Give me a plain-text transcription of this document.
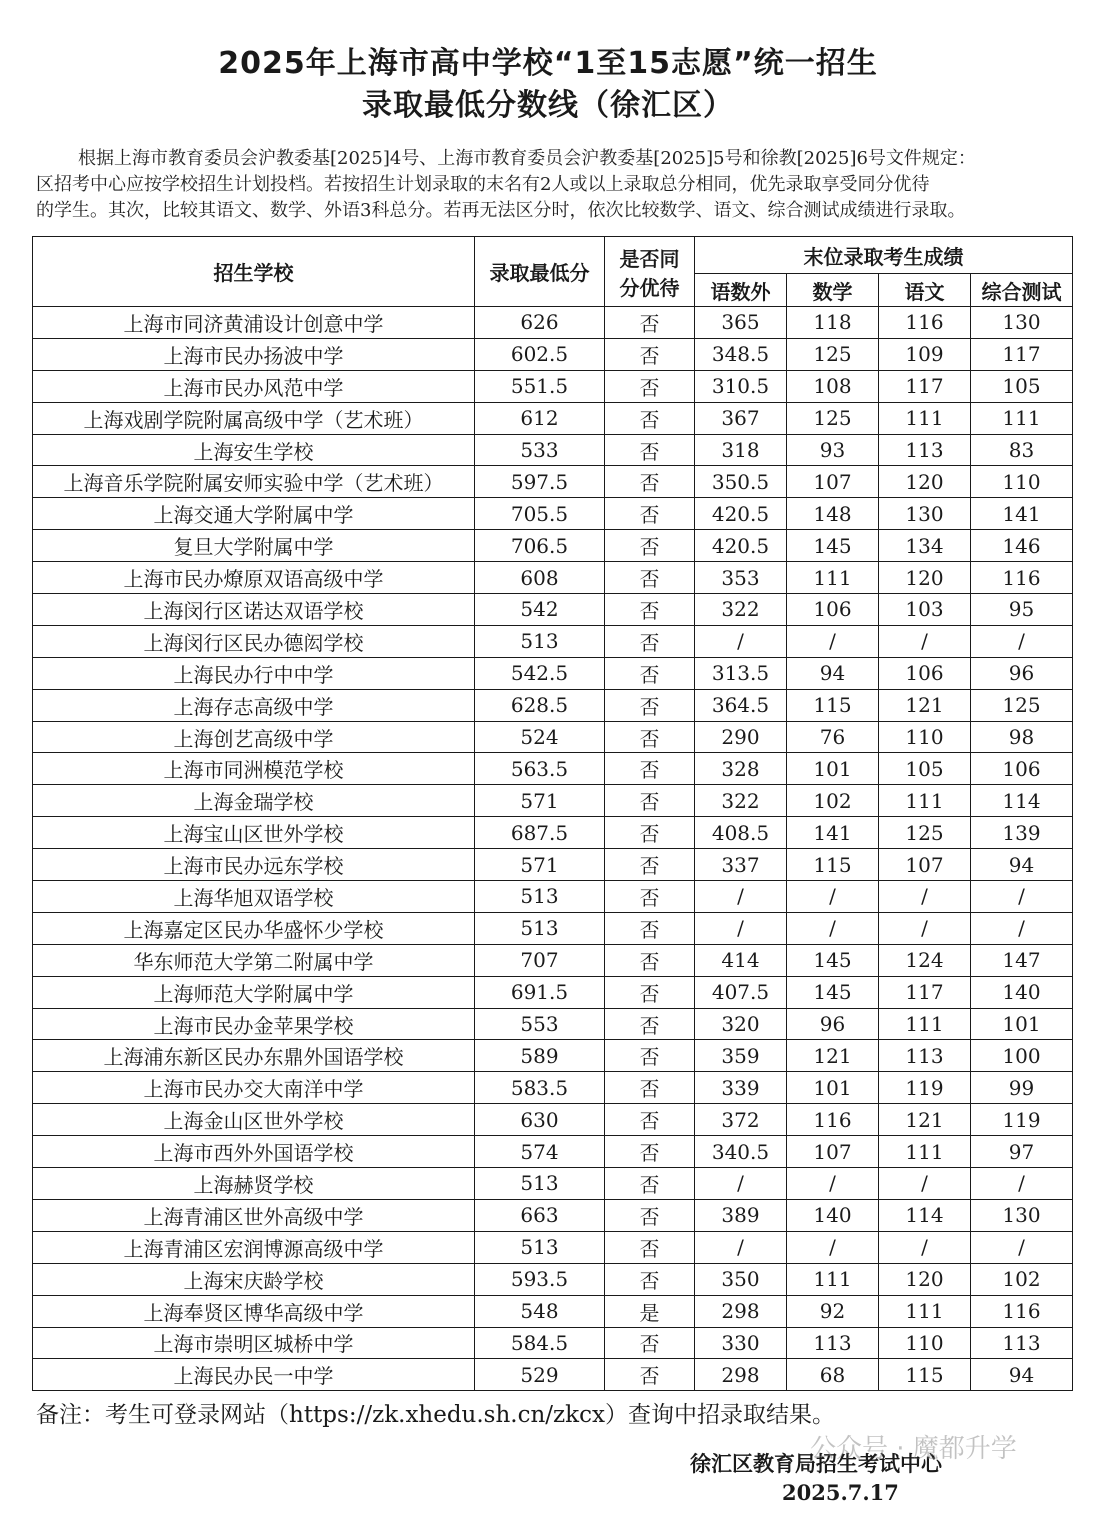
2025年上海市高中学校“1至15志愿”统一招生
录取最低分数线（徐汇区）
根据上海市教育委员会沪教委基[2025]4号、上海市教育委员会沪教委基[2025]5号和徐教[2025]6号文件规定：
区招考中心应按学校招生计划投档。若按招生计划录取的末名有2人或以上录取总分相同，优先录取享受同分优待
的学生。其次，比较其语文、数学、外语3科总分。若再无法区分时，依次比较数学、语文、综合测试成绩进行录取。
招生学校	录取最低分	是否同
分优待	末位录取考生成绩			
			语数外	数学	语文	综合测试
上海市同济黄浦设计创意中学	626	否	365	118	116	130
上海市民办扬波中学	602.5	否	348.5	125	109	117
上海市民办风范中学	551.5	否	310.5	108	117	105
上海戏剧学院附属高级中学（艺术班）	612	否	367	125	111	111
上海安生学校	533	否	318	93	113	83
上海音乐学院附属安师实验中学（艺术班）	597.5	否	350.5	107	120	110
上海交通大学附属中学	705.5	否	420.5	148	130	141
复旦大学附属中学	706.5	否	420.5	145	134	146
上海市民办燎原双语高级中学	608	否	353	111	120	116
上海闵行区诺达双语学校	542	否	322	106	103	95
上海闵行区民办德闳学校	513	否	/	/	/	/
上海民办行中中学	542.5	否	313.5	94	106	96
上海存志高级中学	628.5	否	364.5	115	121	125
上海创艺高级中学	524	否	290	76	110	98
上海市同洲模范学校	563.5	否	328	101	105	106
上海金瑞学校	571	否	322	102	111	114
上海宝山区世外学校	687.5	否	408.5	141	125	139
上海市民办远东学校	571	否	337	115	107	94
上海华旭双语学校	513	否	/	/	/	/
上海嘉定区民办华盛怀少学校	513	否	/	/	/	/
华东师范大学第二附属中学	707	否	414	145	124	147
上海师范大学附属中学	691.5	否	407.5	145	117	140
上海市民办金苹果学校	553	否	320	96	111	101
上海浦东新区民办东鼎外国语学校	589	否	359	121	113	100
上海市民办交大南洋中学	583.5	否	339	101	119	99
上海金山区世外学校	630	否	372	116	121	119
上海市西外外国语学校	574	否	340.5	107	111	97
上海赫贤学校	513	否	/	/	/	/
上海青浦区世外高级中学	663	否	389	140	114	130
上海青浦区宏润博源高级中学	513	否	/	/	/	/
上海宋庆龄学校	593.5	否	350	111	120	102
上海奉贤区博华高级中学	548	是	298	92	111	116
上海市崇明区城桥中学	584.5	否	330	113	110	113
上海民办民一中学	529	否	298	68	115	94
备注：考生可登录网站（https://zk.xhedu.sh.cn/zkcx）查询中招录取结果。
徐汇区教育局招生考试中心
2025.7.17
公众号 · 魔都升学
